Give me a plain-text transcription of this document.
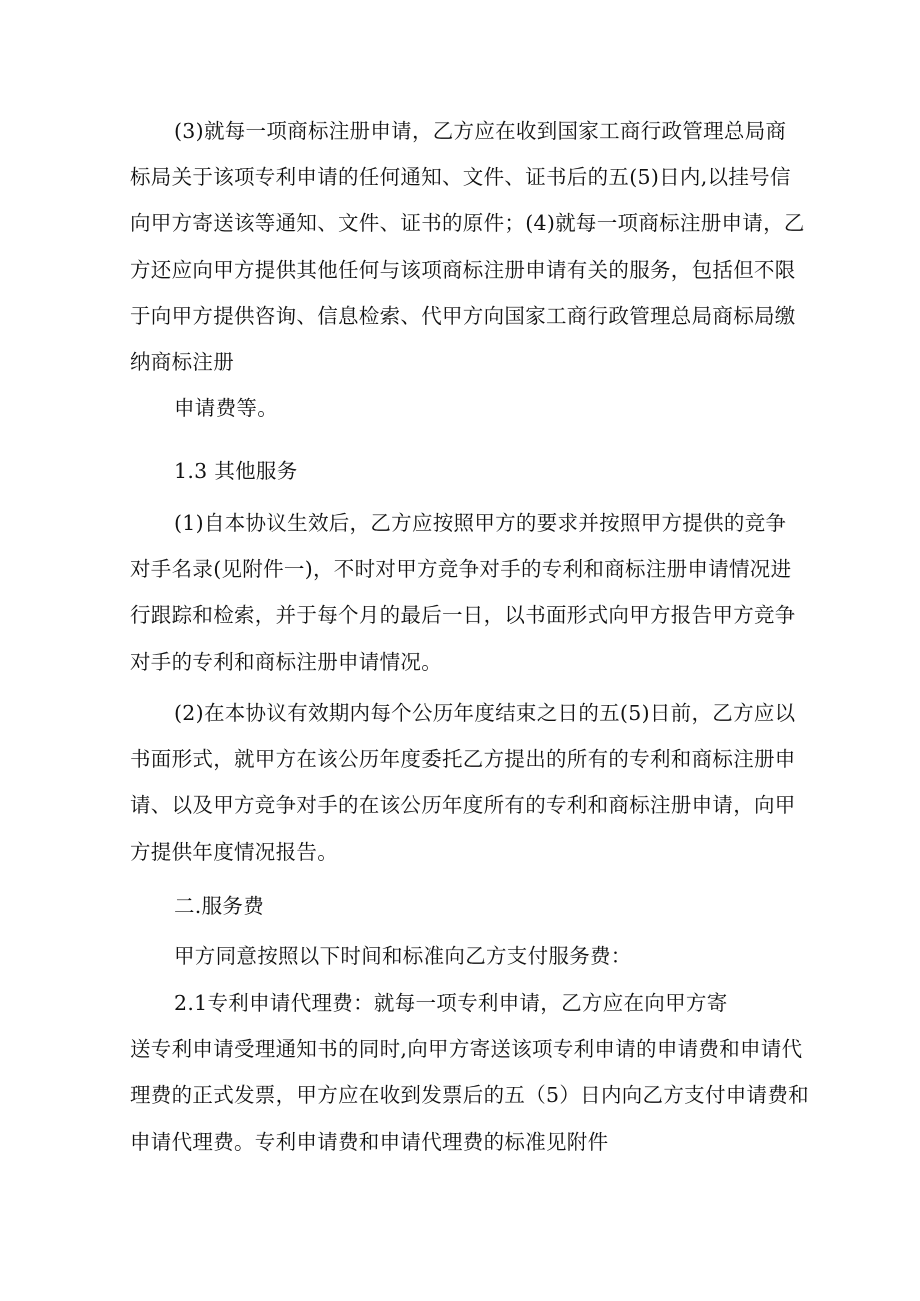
(3)就每一项商标注册申请，乙方应在收到国家工商行政管理总局商
标局关于该项专利申请的任何通知、文件、证书后的五(5)日内,以挂号信
向甲方寄送该等通知、文件、证书的原件；(4)就每一项商标注册申请，乙
方还应向甲方提供其他任何与该项商标注册申请有关的服务，包括但不限
于向甲方提供咨询、信息检索、代甲方向国家工商行政管理总局商标局缴
纳商标注册
申请费等。
1.3 其他服务
(1)自本协议生效后，乙方应按照甲方的要求并按照甲方提供的竞争
对手名录(见附件一)，不时对甲方竞争对手的专利和商标注册申请情况进
行跟踪和检索，并于每个月的最后一日，以书面形式向甲方报告甲方竞争
对手的专利和商标注册申请情况。
(2)在本协议有效期内每个公历年度结束之日的五(5)日前，乙方应以
书面形式，就甲方在该公历年度委托乙方提出的所有的专利和商标注册申
请、以及甲方竞争对手的在该公历年度所有的专利和商标注册申请，向甲
方提供年度情况报告。
二.服务费
甲方同意按照以下时间和标准向乙方支付服务费：
2.1专利申请代理费：就每一项专利申请，乙方应在向甲方寄
送专利申请受理通知书的同时,向甲方寄送该项专利申请的申请费和申请代
理费的正式发票，甲方应在收到发票后的五（5）日内向乙方支付申请费和
申请代理费。专利申请费和申请代理费的标准见附件
